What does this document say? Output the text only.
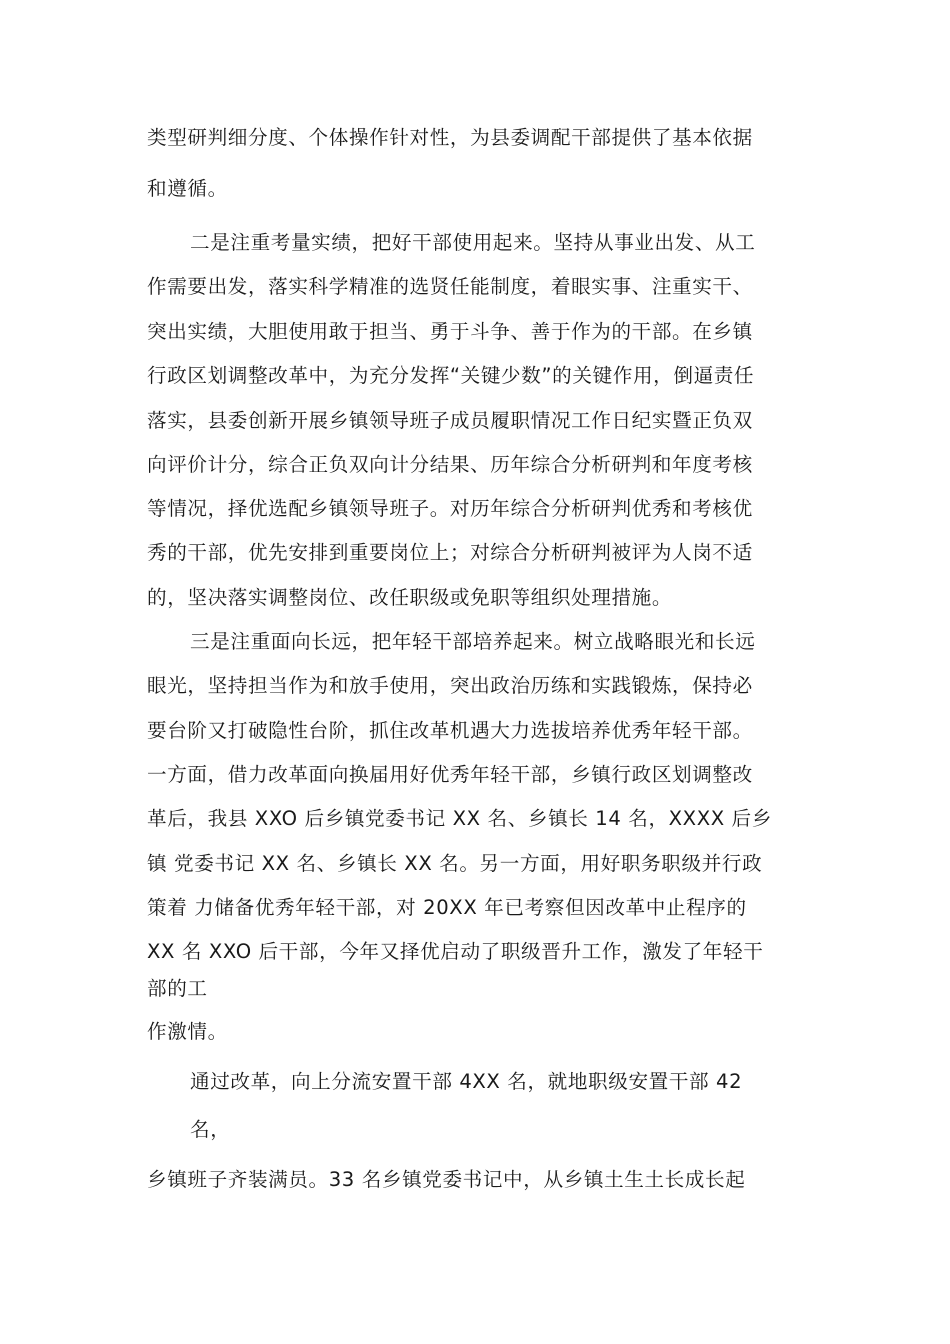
类型研判细分度、个体操作针对性，为县委调配干部提供了基本依据
和遵循。
二是注重考量实绩，把好干部使用起来。坚持从事业出发、从工
作需要出发，落实科学精准的选贤任能制度，着眼实事、注重实干、
突出实绩，大胆使用敢于担当、勇于斗争、善于作为的干部。在乡镇
行政区划调整改革中，为充分发挥“关键少数”的关键作用，倒逼责任
落实，县委创新开展乡镇领导班子成员履职情况工作日纪实暨正负双
向评价计分，综合正负双向计分结果、历年综合分析研判和年度考核
等情况，择优选配乡镇领导班子。对历年综合分析研判优秀和考核优
秀的干部，优先安排到重要岗位上；对综合分析研判被评为人岗不适
的，坚决落实调整岗位、改任职级或免职等组织处理措施。
三是注重面向长远，把年轻干部培养起来。树立战略眼光和长远
眼光，坚持担当作为和放手使用，突出政治历练和实践锻炼，保持必
要台阶又打破隐性台阶，抓住改革机遇大力选拔培养优秀年轻干部。
一方面，借力改革面向换届用好优秀年轻干部，乡镇行政区划调整改
革后，我县 XXO 后乡镇党委书记 XX 名、乡镇长 14 名，XXXX 后乡
镇 党委书记 XX 名、乡镇长 XX 名。另一方面，用好职务职级并行政
策着 力储备优秀年轻干部，对 20XX 年已考察但因改革中止程序的
XX 名 XXO 后干部，今年又择优启动了职级晋升工作，激发了年轻干
部的工
作激情。
通过改革，向上分流安置干部 4XX 名，就地职级安置干部 42
名，
乡镇班子齐装满员。33 名乡镇党委书记中，从乡镇土生土长成长起
